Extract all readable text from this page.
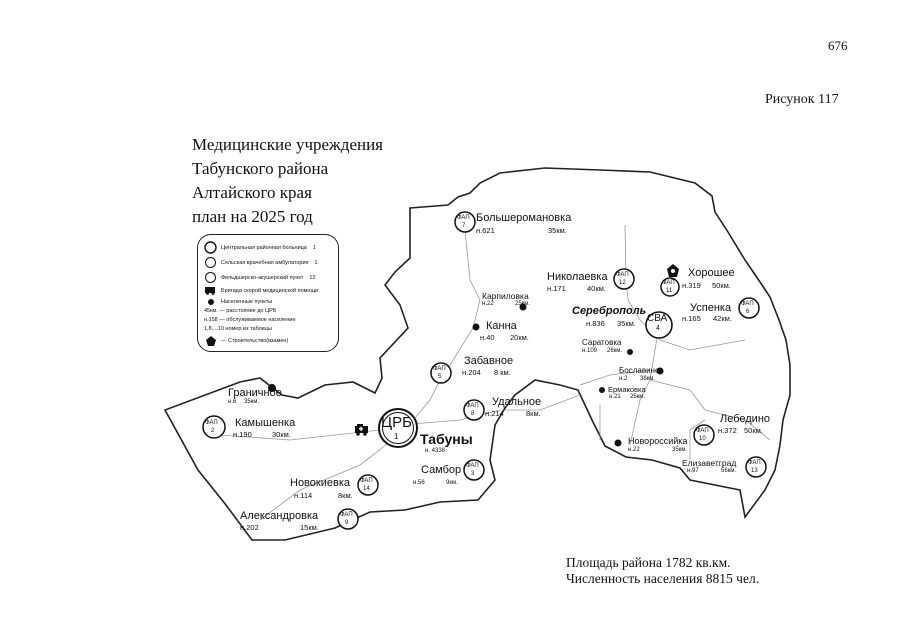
676
Рисунок 117
Медицинские учреждения
Табунского района
Алтайского края
план на 2025 год
ЦРБ
1
СВА
4
ФАП
7
ФАП
12	ФАП
11
ФАП
6
ФАП
5
ФАП
2
ФАП
8
ФАП
3
ФАП
14
ФАП
9
ФАП
10
ФАП
13
Большеромановка
н.621	35км.
Николаевка
н.171	40км.
Хорошее
н.319 50км.
Карпиловка
н.22	25км.
Сереброполь
н.836 35км.
Успенка
н.165 42км.
Канна
н.40 20км.
Саратовка
н.109 26км.
Забавное
н.204 8 км.	Бославино
н.2 38км.
Граничное
н.6 35км.
Ермаковка
н.21 25км.
Удальное
н.214	8км.	Лебедино
н.372 50км.
Камышенка
н.190	30км.	Табуны
н. 4338
Новороссийка
н.22	35км.
Елизаветград
н.97	56км.
Самбор
н.56	9км.
Новокиевка
н.114	8км.
Александровка
н.202	15км.
Центральная районная больница 1
Сельская врачебная амбулатория 1
Фельдшерско-акушерский пункт 12
Бригада скорой медицинской помощи
Населенные пункты
45км. — расстояние до ЦРБ
н.158 — обслуживаемое население
1,8,...10 номер из таблицы
— Строительство(взамен)
Площадь района 1782 кв.км.
Численность населения 8815 чел.
